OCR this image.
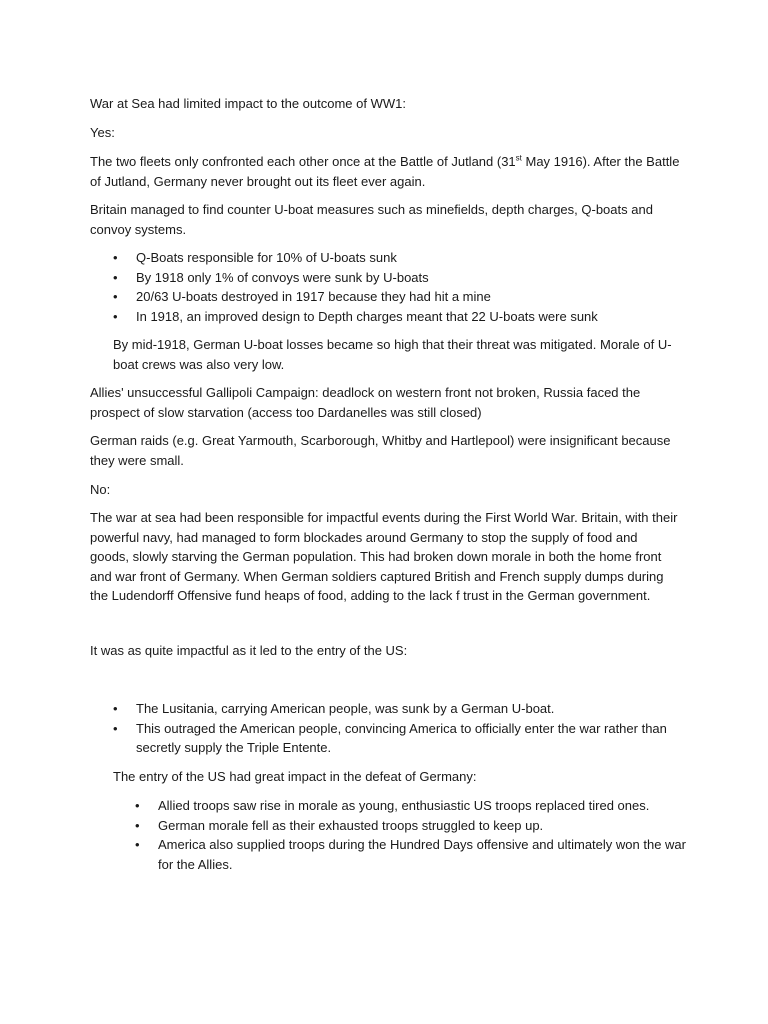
War at Sea had limited impact to the outcome of WW1:

Yes:

The two fleets only confronted each other once at the Battle of Jutland (31st May 1916). After the Battle of Jutland, Germany never brought out its fleet ever again.

Britain managed to find counter U-boat measures such as minefields, depth charges, Q-boats and convoy systems.

• Q-Boats responsible for 10% of U-boats sunk
• By 1918 only 1% of convoys were sunk by U-boats
• 20/63 U-boats destroyed in 1917 because they had hit a mine
• In 1918, an improved design to Depth charges meant that 22 U-boats were sunk

By mid-1918, German U-boat losses became so high that their threat was mitigated. Morale of U-boat crews was also very low.

Allies' unsuccessful Gallipoli Campaign: deadlock on western front not broken, Russia faced the prospect of slow starvation (access too Dardanelles was still closed)

German raids (e.g. Great Yarmouth, Scarborough, Whitby and Hartlepool) were insignificant because they were small.

No:

The war at sea had been responsible for impactful events during the First World War. Britain, with their powerful navy, had managed to form blockades around Germany to stop the supply of food and goods, slowly starving the German population. This had broken down morale in both the home front and war front of Germany. When German soldiers captured British and French supply dumps during the Ludendorff Offensive fund heaps of food, adding to the lack f trust in the German government.

It was as quite impactful as it led to the entry of the US:

• The Lusitania, carrying American people, was sunk by a German U-boat.
• This outraged the American people, convincing America to officially enter the war rather than secretly supply the Triple Entente.

The entry of the US had great impact in the defeat of Germany:

• Allied troops saw rise in morale as young, enthusiastic US troops replaced tired ones.
• German morale fell as their exhausted troops struggled to keep up.
• America also supplied troops during the Hundred Days offensive and ultimately won the war for the Allies.
